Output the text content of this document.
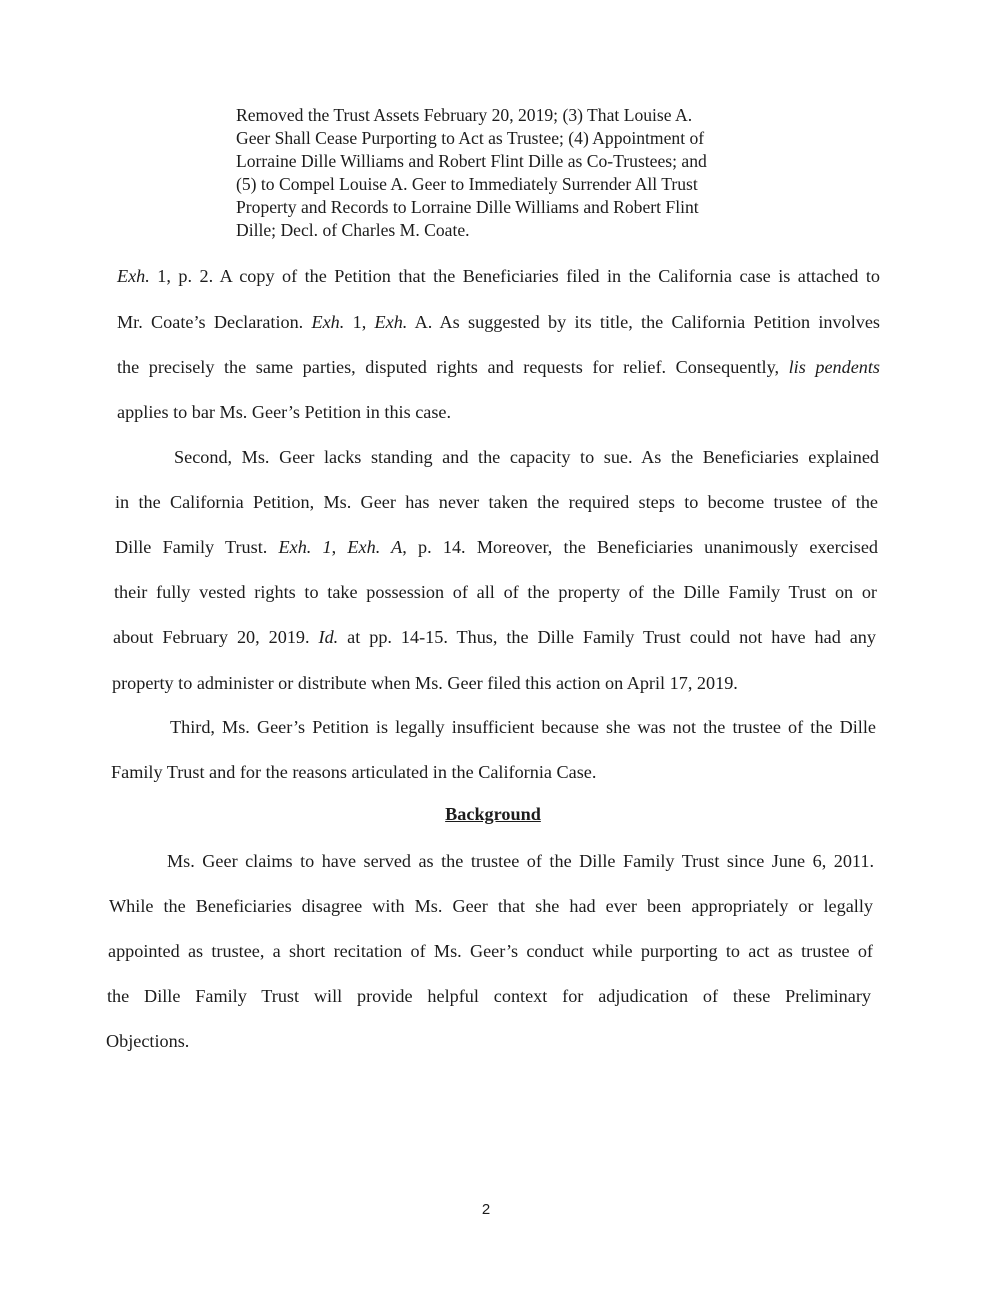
Removed the Trust Assets February 20, 2019; (3) That Louise A.
Geer Shall Cease Purporting to Act as Trustee; (4) Appointment of
Lorraine Dille Williams and Robert Flint Dille as Co-Trustees; and
(5) to Compel Louise A. Geer to Immediately Surrender All Trust
Property and Records to Lorraine Dille Williams and Robert Flint
Dille; Decl. of Charles M. Coate.
Exh. 1, p. 2. A copy of the Petition that the Beneficiaries filed in the California case is attached to
Mr. Coate’s Declaration. Exh. 1, Exh. A. As suggested by its title, the California Petition involves
the precisely the same parties, disputed rights and requests for relief. Consequently, lis pendents
applies to bar Ms. Geer’s Petition in this case.
Second, Ms. Geer lacks standing and the capacity to sue. As the Beneficiaries explained
in the California Petition, Ms. Geer has never taken the required steps to become trustee of the
Dille Family Trust. Exh. 1, Exh. A, p. 14. Moreover, the Beneficiaries unanimously exercised
their fully vested rights to take possession of all of the property of the Dille Family Trust on or
about February 20, 2019. Id. at pp. 14-15. Thus, the Dille Family Trust could not have had any
property to administer or distribute when Ms. Geer filed this action on April 17, 2019.
Third, Ms. Geer’s Petition is legally insufficient because she was not the trustee of the Dille
Family Trust and for the reasons articulated in the California Case.
Background
Ms. Geer claims to have served as the trustee of the Dille Family Trust since June 6, 2011.
While the Beneficiaries disagree with Ms. Geer that she had ever been appropriately or legally
appointed as trustee, a short recitation of Ms. Geer’s conduct while purporting to act as trustee of
the Dille Family Trust will provide helpful context for adjudication of these Preliminary
Objections.
2
